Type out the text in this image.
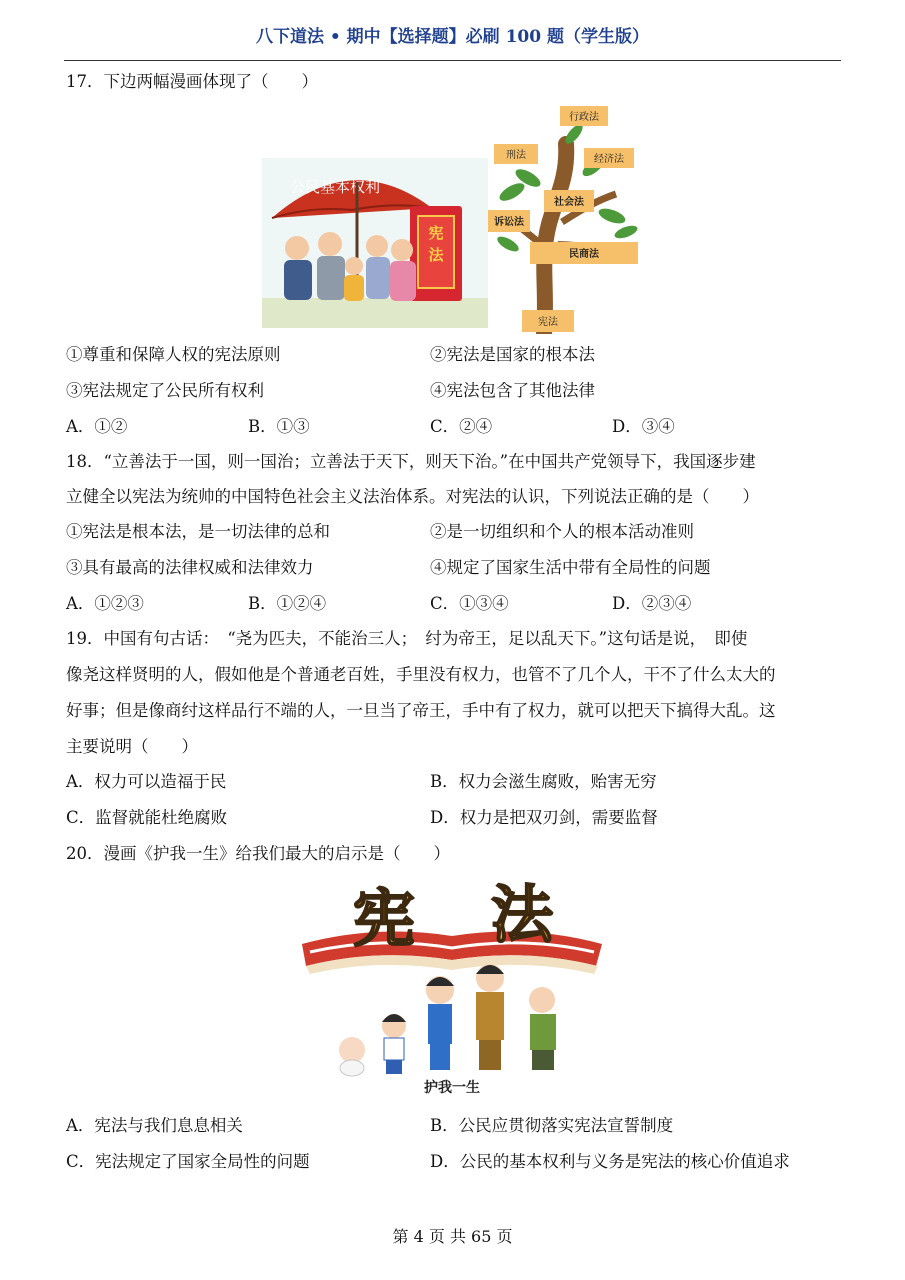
八下道法 • 期中【选择题】必刷 100 题（学生版）
17．下边两幅漫画体现了（　　）
公民基本权利
宪
法
行政法
刑法	经济法
社会法
诉讼法
民商法
宪法
①尊重和保障人权的宪法原则	②宪法是国家的根本法
③宪法规定了公民所有权利	④宪法包含了其他法律
A．①②	B．①③	C．②④	D．③④
18．“立善法于一国，则一国治；立善法于天下，则天下治。”在中国共产党领导下，我国逐步建
立健全以宪法为统帅的中国特色社会主义法治体系。对宪法的认识，下列说法正确的是（　　）
①宪法是根本法，是一切法律的总和	②是一切组织和个人的根本活动准则
③具有最高的法律权威和法律效力	④规定了国家生活中带有全局性的问题
A．①②③	B．①②④	C．①③④	D．②③④
19．中国有句古话：　“尧为匹夫，不能治三人；　纣为帝王，足以乱天下。”这句话是说，　即使
像尧这样贤明的人，假如他是个普通老百姓，手里没有权力，也管不了几个人，干不了什么太大的
好事；但是像商纣这样品行不端的人，一旦当了帝王，手中有了权力，就可以把天下搞得大乱。这
主要说明（　　）
A．权力可以造福于民	B．权力会滋生腐败，贻害无穷
C．监督就能杜绝腐败	D．权力是把双刃剑，需要监督
20．漫画《护我一生》给我们最大的启示是（　　）
宪 法
护我一生
A．宪法与我们息息相关	B．公民应贯彻落实宪法宣誓制度
C．宪法规定了国家全局性的问题	D．公民的基本权利与义务是宪法的核心价值追求
第 4 页 共 65 页
